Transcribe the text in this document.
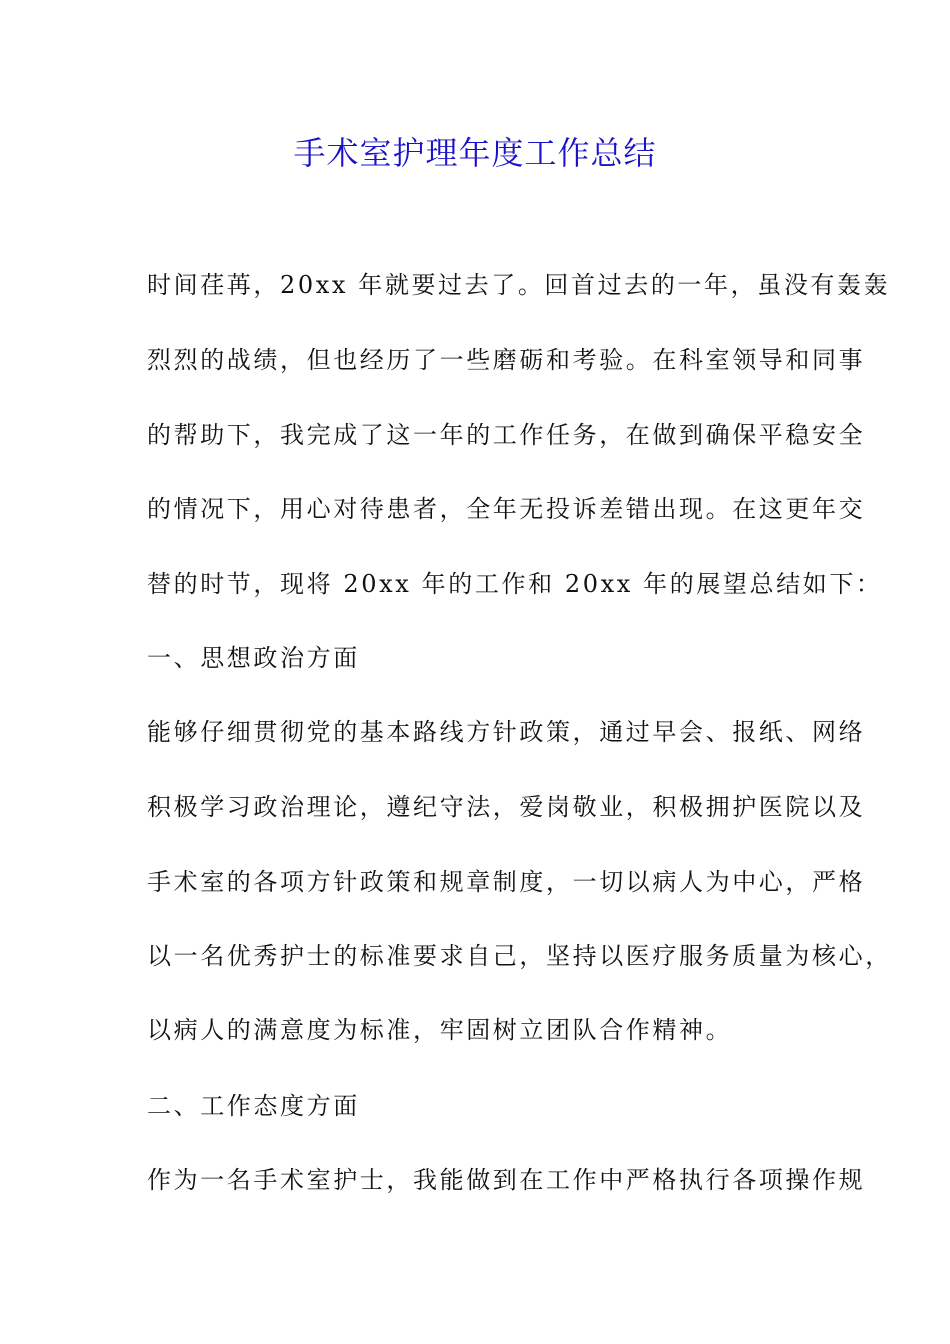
手术室护理年度工作总结

时间荏苒，20xx 年就要过去了。回首过去的一年，虽没有轰轰

烈烈的战绩，但也经历了一些磨砺和考验。在科室领导和同事

的帮助下，我完成了这一年的工作任务，在做到确保平稳安全

的情况下，用心对待患者，全年无投诉差错出现。在这更年交

替的时节，现将 20xx 年的工作和 20xx 年的展望总结如下：

一、思想政治方面

能够仔细贯彻党的基本路线方针政策，通过早会、报纸、网络

积极学习政治理论，遵纪守法，爱岗敬业，积极拥护医院以及

手术室的各项方针政策和规章制度，一切以病人为中心，严格

以一名优秀护士的标准要求自己，坚持以医疗服务质量为核心，

以病人的满意度为标准，牢固树立团队合作精神。

二、工作态度方面

作为一名手术室护士，我能做到在工作中严格执行各项操作规
